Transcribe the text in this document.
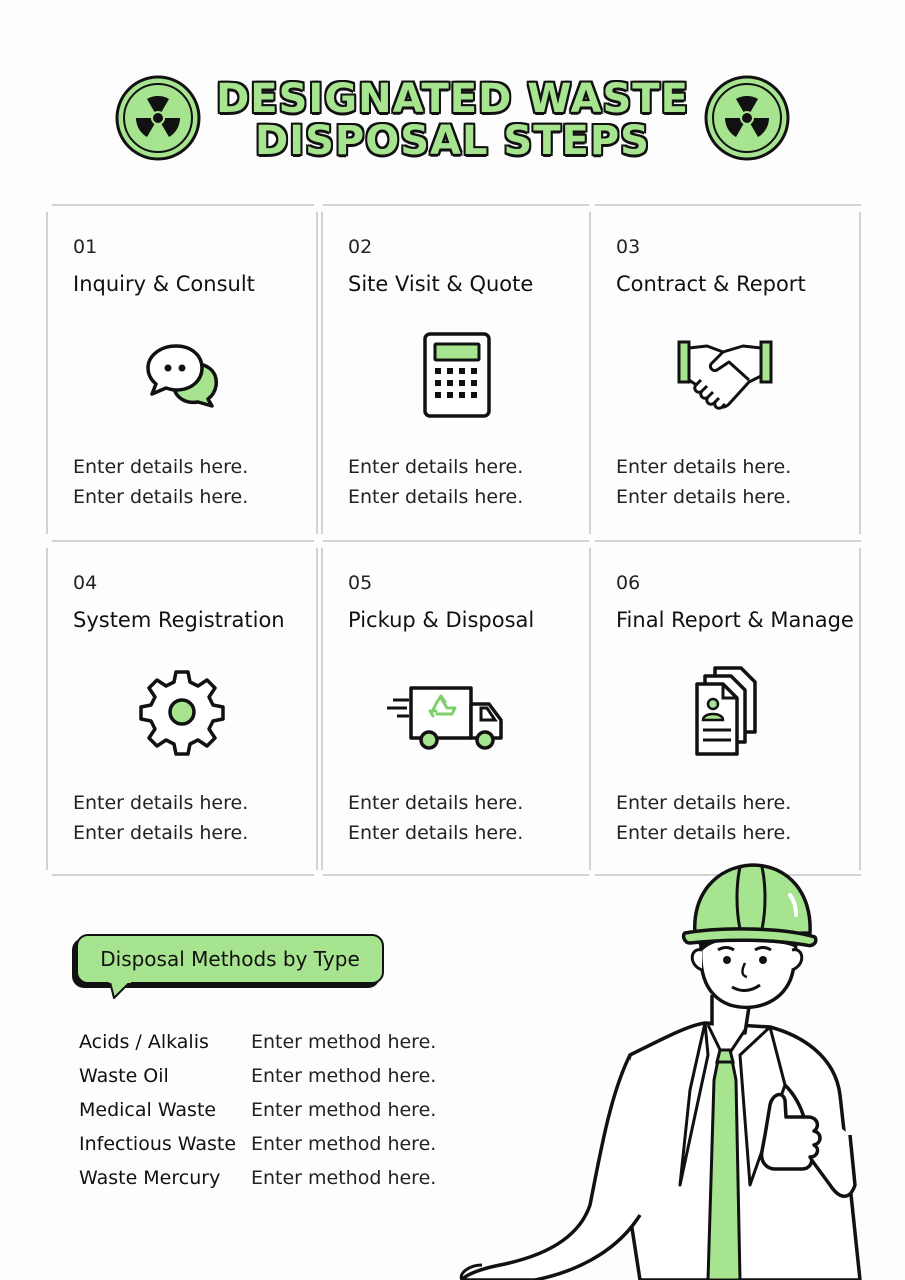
DESIGNATED WASTE
DISPOSAL STEPS
01
Inquiry & Consult
Enter details here.
Enter details here.
02
Site Visit & Quote
Enter details here.
Enter details here.
03
Contract & Report
Enter details here.
Enter details here.
04
System Registration
Enter details here.
Enter details here.
05
Pickup & Disposal
Enter details here.
Enter details here.
06
Final Report & Manage
Enter details here.
Enter details here.
Disposal Methods by Type
Acids / Alkalis Enter method here.
Waste Oil	Enter method here.
Medical Waste Enter method here.
Infectious Waste Enter method here.
Waste Mercury Enter method here.
